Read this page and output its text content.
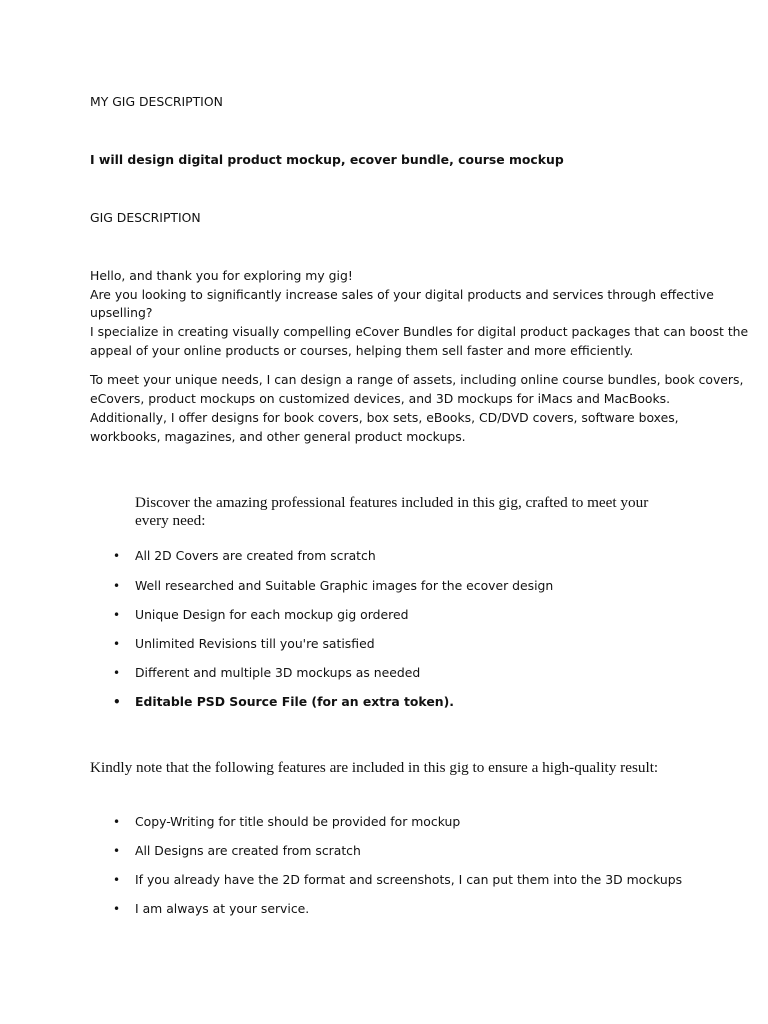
MY GIG DESCRIPTION

I will design digital product mockup, ecover bundle, course mockup

GIG DESCRIPTION

Hello, and thank you for exploring my gig!

Are you looking to significantly increase sales of your digital products and services through effective

upselling?

I specialize in creating visually compelling eCover Bundles for digital product packages that can boost the

appeal of your online products or courses, helping them sell faster and more efficiently.

To meet your unique needs, I can design a range of assets, including online course bundles, book covers,

eCovers, product mockups on customized devices, and 3D mockups for iMacs and MacBooks.

Additionally, I offer designs for book covers, box sets, eBooks, CD/DVD covers, software boxes,

workbooks, magazines, and other general product mockups.

Discover the amazing professional features included in this gig, crafted to meet your

every need:

• All 2D Covers are created from scratch
• Well researched and Suitable Graphic images for the ecover design
• Unique Design for each mockup gig ordered
• Unlimited Revisions till you're satisfied
• Different and multiple 3D mockups as needed
• Editable PSD Source File (for an extra token).

Kindly note that the following features are included in this gig to ensure a high-quality result:

• Copy-Writing for title should be provided for mockup
• All Designs are created from scratch
• If you already have the 2D format and screenshots, I can put them into the 3D mockups
• I am always at your service.
